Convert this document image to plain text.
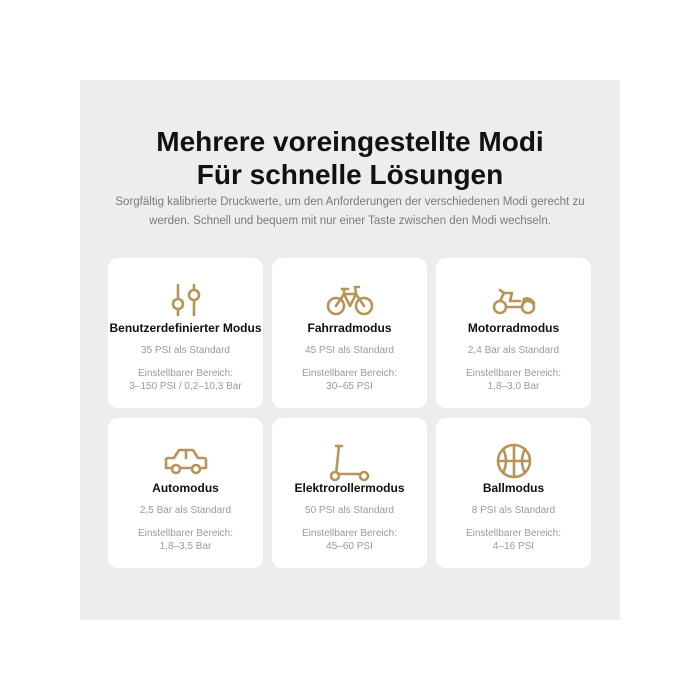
Mehrere voreingestellte Modi
Für schnelle Lösungen
Sorgfältig kalibrierte Druckwerte, um den Anforderungen der verschiedenen Modi gerecht zu
werden. Schnell und bequem mit nur einer Taste zwischen den Modi wechseln.
Benutzerdefinierter Modus
35 PSI als Standard
Einstellbarer Bereich:
3–150 PSI / 0,2–10,3 Bar
Fahrradmodus
45 PSI als Standard
Einstellbarer Bereich:
30–65 PSI
Motorradmodus
2,4 Bar als Standard
Einstellbarer Bereich:
1,8–3,0 Bar
Automodus
2,5 Bar als Standard
Einstellbarer Bereich:
1,8–3,5 Bar
Elektrorollermodus
50 PSI als Standard
Einstellbarer Bereich:
45–60 PSI
Ballmodus
8 PSI als Standard
Einstellbarer Bereich:
4–16 PSI
